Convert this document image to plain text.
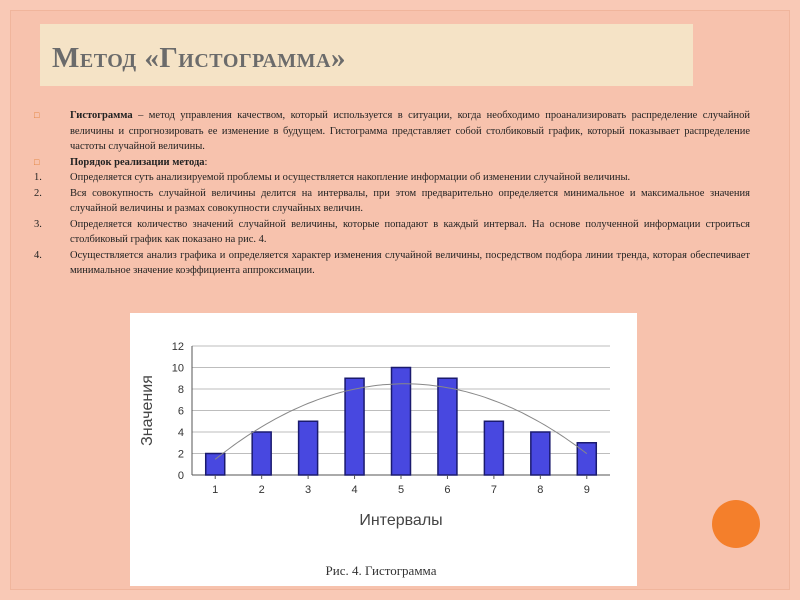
Метод «Гистограмма»
□	Гистограмма – метод управления качеством, который используется в ситуации, когда необходимо проанализировать распределение случайной величины и спрогнозировать ее изменение в будущем. Гистограмма представляет собой столбиковый график, который показывает распределение частоты случайной величины.
□	Порядок реализации метода:
1.	Определяется суть анализируемой проблемы и осуществляется накопление информации об изменении случайной величины.
2.	Вся совокупность случайной величины делится на интервалы, при этом предварительно определяется минимальное и максимальное значения случайной величины и размах совокупности случайных величин.
3.	Определяется количество значений случайной величины, которые попадают в каждый интервал. На основе полученной информации строиться столбиковый график как показано на рис. 4.
4.	Осуществляется анализ графика и определяется характер изменения случайной величины, посредством подбора линии тренда, которая обеспечивает минимальное значение коэффициента аппроксимации.
0
2
4
6
8
10
12
1	2	3	4	5	6	7	8	9
Интервалы
Значения
Рис. 4. Гистограмма
